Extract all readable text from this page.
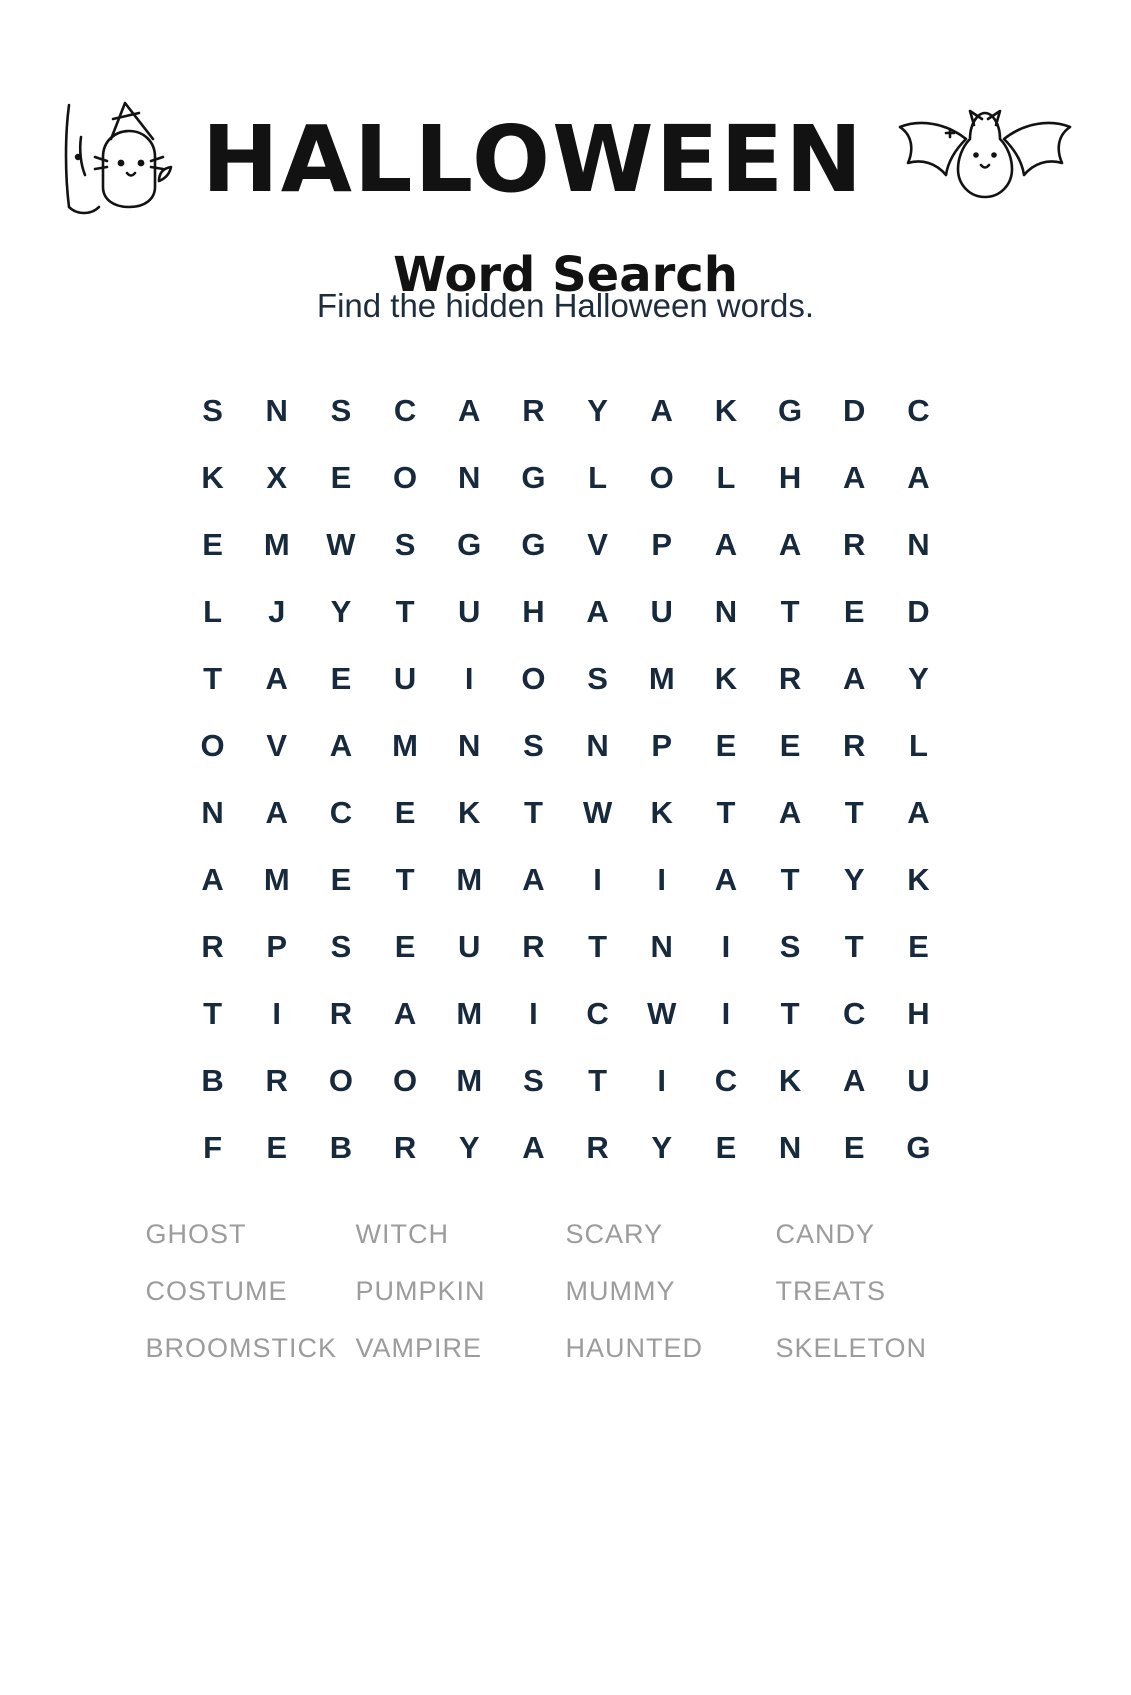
HALLOWEEN
Word Search

Find the hidden Halloween words.

S	N	S	C	A	R	Y	A	K	G	D	C
K	X	E	O	N	G	L	O	L	H	A	A
E	M	W	S	G	G	V	P	A	A	R	N
L	J	Y	T	U	H	A	U	N	T	E	D
T	A	E	U	I	O	S	M	K	R	A	Y
O	V	A	M	N	S	N	P	E	E	R	L
N	A	C	E	K	T	W	K	T	A	T	A
A	M	E	T	M	A	I	I	A	T	Y	K
R	P	S	E	U	R	T	N	I	S	T	E
T	I	R	A	M	I	C	W	I	T	C	H
B	R	O	O	M	S	T	I	C	K	A	U
F	E	B	R	Y	A	R	Y	E	N	E	G
GHOST	WITCH	SCARY	CANDY
COSTUME	PUMPKIN	MUMMY	TREATS
BROOMSTICK VAMPIRE	HAUNTED	SKELETON
